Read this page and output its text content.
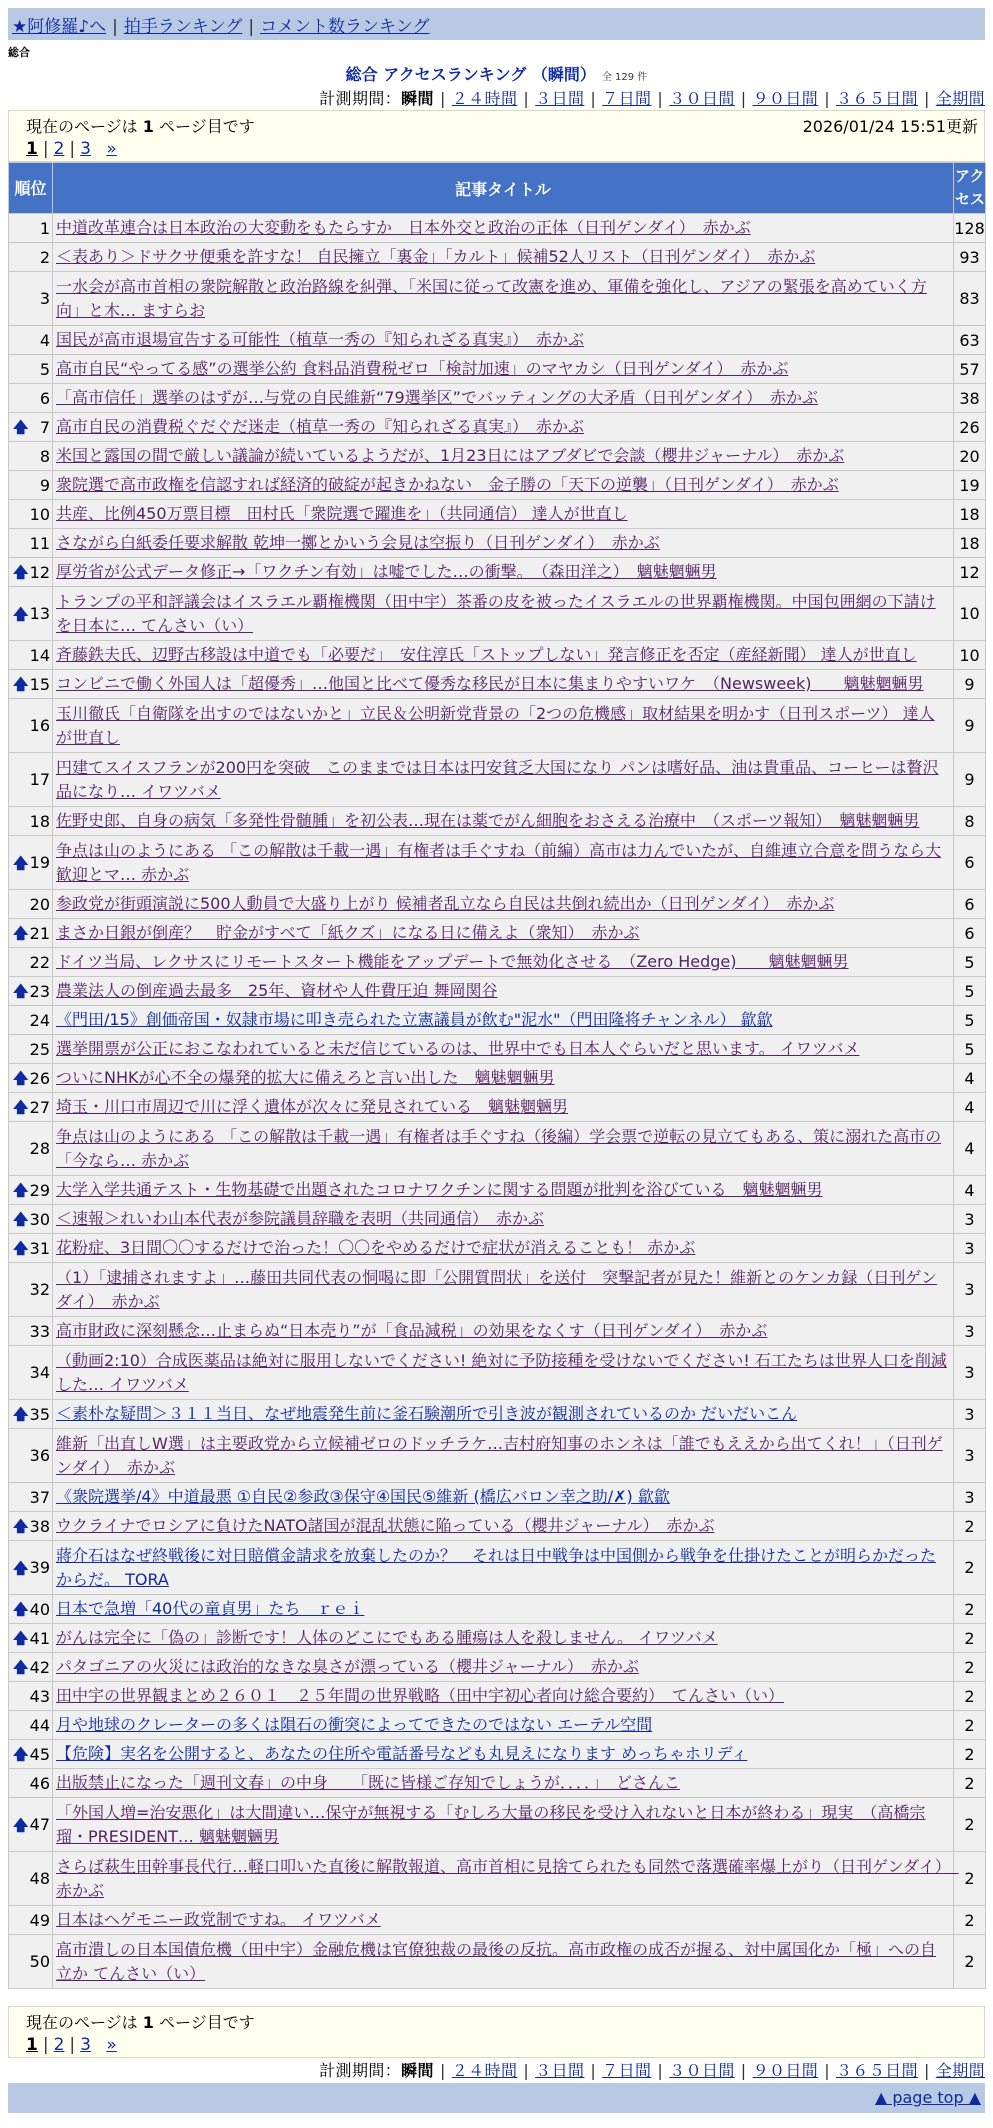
★阿修羅♪へ | 拍手ランキング | コメント数ランキング
総合
総合 アクセスランキング （瞬間） 全 129 件
計測期間：瞬間 | ２４時間 | ３日間 | ７日間 | ３０日間 | ９０日間 | ３６５日間 | 全期間
現在のページは 1 ページ目です	2026/01/24 15:51更新
1 | 2 | 3 »
順位	記事タイトル	アクセス
1	中道改革連合は日本政治の大変動をもたらすか　日本外交と政治の正体（日刊ゲンダイ）　赤かぶ	128
2	＜表あり＞ドサクサ便乗を許すな！ 自民擁立「裏金」「カルト」候補52人リスト（日刊ゲンダイ）　赤かぶ	93
3	一水会が高市首相の衆院解散と政治路線を糾弾、「米国に従って改憲を進め、軍備を強化し、アジアの緊張を高めていく方向」と木… ますらお	83
4	国民が高市退場宣告する可能性（植草一秀の『知られざる真実』）　赤かぶ	63
5	高市自民“やってる感”の選挙公約 食料品消費税ゼロ「検討加速」のマヤカシ（日刊ゲンダイ）　赤かぶ	57
6	「高市信任」選挙のはずが…与党の自民維新“79選挙区”でバッティングの大矛盾（日刊ゲンダイ）　赤かぶ	38

🡅 7	高市自民の消費税ぐだぐだ迷走（植草一秀の『知られざる真実』）　赤かぶ	26
8	米国と露国の間で厳しい議論が続いているようだが、1月23日にはアブダビで会談（櫻井ジャーナル）　赤かぶ	20
9	衆院選で高市政権を信認すれば経済的破綻が起きかねない　金子勝の「天下の逆襲」（日刊ゲンダイ）　赤かぶ	19
10	共産、比例450万票目標　田村氏「衆院選で躍進を」（共同通信） 達人が世直し	18
11	さながら白紙委任要求解散 乾坤一擲とかいう会見は空振り（日刊ゲンダイ）　赤かぶ	18

🡅 12	厚労省が公式データ修正→「ワクチン有効」は嘘でした…の衝撃。　（森田洋之）　魑魅魍魎男	12

🡅 13	トランプの平和評議会はイスラエル覇権機関（田中宇）茶番の皮を被ったイスラエルの世界覇権機関。中国包囲網の下請けを日本に… てんさい（い）	10
14	斉藤鉄夫氏、辺野古移設は中道でも「必要だ」　安住淳氏「ストップしない」発言修正を否定（産経新聞） 達人が世直し	10

🡅 15	コンビニで働く外国人は「超優秀」…他国と比べて優秀な移民が日本に集まりやすいワケ　（Newsweek)　　魑魅魍魎男	9
16	玉川徹氏「自衛隊を出すのではないかと」立民＆公明新党背景の「2つの危機感」取材結果を明かす（日刊スポーツ） 達人が世直し	9
17	円建てスイスフランが200円を突破　このままでは日本は円安貧乏大国になり パンは嗜好品、油は貴重品、コーヒーは贅沢品になり… イワツバメ	9
18	佐野史郎、自身の病気「多発性骨髄腫」を初公表…現在は薬でがん細胞をおさえる治療中　（スポーツ報知）　魑魅魍魎男	8

🡅 19	争点は山のようにある 「この解散は千載一遇」有権者は手ぐすね（前編）高市は力んでいたが、自維連立合意を問うなら大歓迎とマ… 赤かぶ	6
20	参政党が街頭演説に500人動員で大盛り上がり 候補者乱立なら自民は共倒れ続出か（日刊ゲンダイ）　赤かぶ	6

🡅 21	まさか日銀が倒産？　貯金がすべて「紙クズ」になる日に備えよ（衆知）　赤かぶ	6
22	ドイツ当局、レクサスにリモートスタート機能をアップデートで無効化させる　（Zero Hedge)　　魑魅魍魎男	5

🡅 23	農業法人の倒産過去最多　25年、資材や人件費圧迫 舞岡関谷	5
24	《門田/15》創価帝国・奴隷市場に叩き売られた立憲議員が飲む"泥水"（門田隆将チャンネル） 歙歙	5
25	選挙開票が公正におこなわれていると未だ信じているのは、世界中でも日本人ぐらいだと思います。 イワツバメ	5

🡅 26	ついにNHKが心不全の爆発的拡大に備えろと言い出した　魑魅魍魎男	4

🡅 27	埼玉・川口市周辺で川に浮く遺体が次々に発見されている　魑魅魍魎男	4
28	争点は山のようにある 「この解散は千載一遇」有権者は手ぐすね（後編）学会票で逆転の見立てもある、策に溺れた高市の「今なら… 赤かぶ	4

🡅 29	大学入学共通テスト・生物基礎で出題されたコロナワクチンに関する問題が批判を浴びている　魑魅魍魎男	4

🡅 30	＜速報＞れいわ山本代表が参院議員辞職を表明（共同通信）　赤かぶ	3

🡅 31	花粉症、3日間〇〇するだけで治った！〇〇をやめるだけで症状が消えることも！ 赤かぶ	3
32	（1）「逮捕されますよ」…藤田共同代表の恫喝に即「公開質問状」を送付　突撃記者が見た！維新とのケンカ録（日刊ゲンダイ）　赤かぶ	3
33	高市財政に深刻懸念…止まらぬ“日本売り”が「食品減税」の効果をなくす（日刊ゲンダイ）　赤かぶ	3
34	（動画2:10）合成医薬品は絶対に服用しないでください! 絶対に予防接種を受けないでください! 石工たちは世界人口を削減した… イワツバメ	3

🡅 35	＜素朴な疑問＞３１１当日、なぜ地震発生前に釜石験潮所で引き波が観測されているのか だいだいこん	3
36	維新「出直しW選」は主要政党から立候補ゼロのドッチラケ…吉村府知事のホンネは「誰でもええから出てくれ！」（日刊ゲンダイ）　赤かぶ	3
37	《衆院選挙/4》中道最悪 ①自民②参政③保守④国民⑤維新 (橋広バロン幸之助/✗) 歙歙	3

🡅 38	ウクライナでロシアに負けたNATO諸国が混乱状態に陥っている（櫻井ジャーナル）　赤かぶ	2

🡅 39	蔣介石はなぜ終戦後に対日賠償金請求を放棄したのか？　それは日中戦争は中国側から戦争を仕掛けたことが明らかだったからだ。 TORA	2

🡅 40	日本で急増「40代の童貞男」たち　ｒｅｉ	2

🡅 41	がんは完全に「偽の」診断です！人体のどこにでもある腫瘍は人を殺しません。 イワツバメ	2

🡅 42	パタゴニアの火災には政治的なきな臭さが漂っている（櫻井ジャーナル）　赤かぶ	2
43	田中宇の世界観まとめ２６０１　２５年間の世界戦略（田中宇初心者向け総合要約）　てんさい（い）	2
44	月や地球のクレーターの多くは隕石の衝突によってできたのではない エーテル空間	2

🡅 45	【危険】実名を公開すると、あなたの住所や電話番号なども丸見えになります めっちゃホリディ	2
46	出版禁止になった「週刊文春」の中身　　「既に皆様ご存知でしょうが．．．．」　どさんこ	2

🡅 47	「外国人増=治安悪化」は大間違い…保守が無視する「むしろ大量の移民を受け入れないと日本が終わる」現実　（高橋宗瑠・PRESIDENT… 魑魅魍魎男	2
48	さらば萩生田幹事長代行…軽口叩いた直後に解散報道、高市首相に見捨てられたも同然で落選確率爆上がり（日刊ゲンダイ）　赤かぶ	2
49	日本はヘゲモニー政党制ですね。 イワツバメ	2
50	高市潰しの日本国債危機（田中宇）金融危機は官僚独裁の最後の反抗。高市政権の成否が握る、対中属国化か「極」への自立か てんさい（い）	2
現在のページは 1 ページ目です
1 | 2 | 3 »
計測期間：瞬間 | ２４時間 | ３日間 | ７日間 | ３０日間 | ９０日間 | ３６５日間 | 全期間
▲ page top ▲
